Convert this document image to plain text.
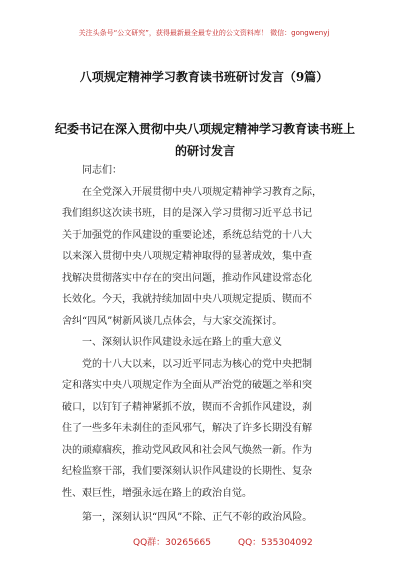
关注头条号“公文研究”，获得最新最全最专业的公文资料库！ 微信：gongwenyj
八项规定精神学习教育读书班研讨发言（9篇）
纪委书记在深入贯彻中央八项规定精神学习教育读书班上
的研讨发言
同志们：
在全党深入开展贯彻中央八项规定精神学习教育之际，
我们组织这次读书班，目的是深入学习贯彻习近平总书记
关于加强党的作风建设的重要论述，系统总结党的十八大
以来深入贯彻中央八项规定精神取得的显著成效，集中查
找解决贯彻落实中存在的突出问题，推动作风建设常态化
长效化。今天，我就持续加固中央八项规定提质、锲而不
舍纠“四风”树新风谈几点体会，与大家交流探讨。
一、深刻认识作风建设永远在路上的重大意义
党的十八大以来，以习近平同志为核心的党中央把制
定和落实中央八项规定作为全面从严治党的破题之举和突
破口，以钉钉子精神紧抓不放，锲而不舍抓作风建设，刹
住了一些多年未刹住的歪风邪气，解决了许多长期没有解
决的顽瘴痼疾，推动党风政风和社会风气焕然一新。作为
纪检监察干部，我们要深刻认识作风建设的长期性、复杂
性、艰巨性，增强永远在路上的政治自觉。
第一，深刻认识“四风”不除、正气不彰的政治风险。
QQ群：30265665	QQ：535304092
